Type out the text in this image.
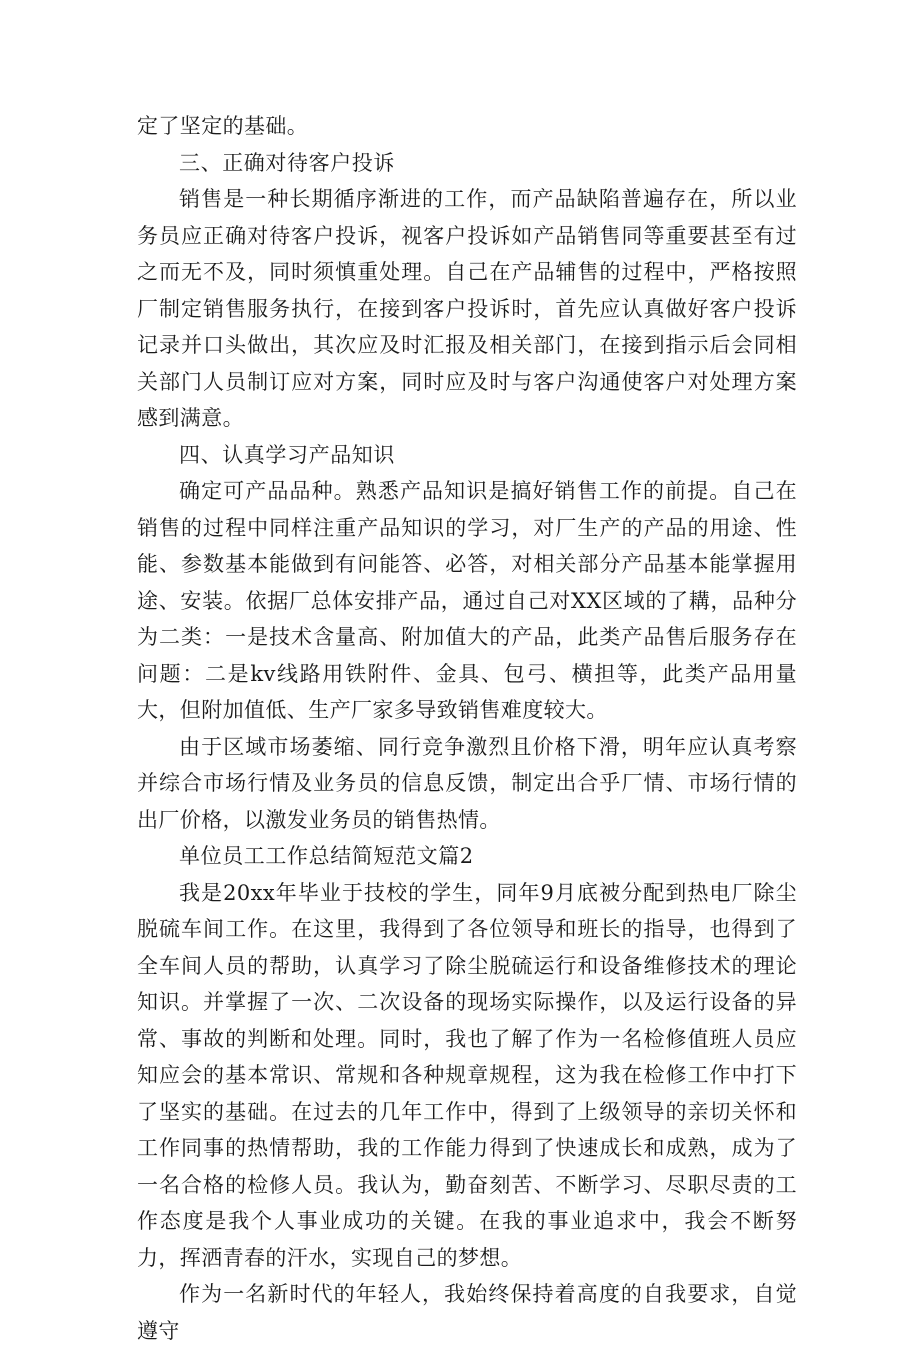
定了坚定的基础。

三、正确对待客户投诉

销售是一种长期循序渐进的工作，而产品缺陷普遍存在，所以业务员应正确对待客户投诉，视客户投诉如产品销售同等重要甚至有过之而无不及，同时须慎重处理。自己在产品辅售的过程中，严格按照厂制定销售服务执行，在接到客户投诉时，首先应认真做好客户投诉记录并口头做出，其次应及时汇报及相关部门，在接到指示后会同相关部门人员制订应对方案，同时应及时与客户沟通使客户对处理方案感到满意。

四、认真学习产品知识

确定可产品品种。熟悉产品知识是搞好销售工作的前提。自己在销售的过程中同样注重产品知识的学习，对厂生产的产品的用途、性能、参数基本能做到有问能答、必答，对相关部分产品基本能掌握用途、安装。依据厂总体安排产品，通过自己对XX区域的了耩，品种分为二类：一是技术含量高、附加值大的产品，此类产品售后服务存在问题：二是kv线路用铁附件、金具、包弓、横担等，此类产品用量大，但附加值低、生产厂家多导致销售难度较大。

由于区域市场萎缩、同行竞争激烈且价格下滑，明年应认真考察并综合市场行情及业务员的信息反馈，制定出合乎厂情、市场行情的出厂价格，以激发业务员的销售热情。

单位员工工作总结简短范文篇2

我是20xx年毕业于技校的学生，同年9月底被分配到热电厂除尘脱硫车间工作。在这里，我得到了各位领导和班长的指导，也得到了全车间人员的帮助，认真学习了除尘脱硫运行和设备维修技术的理论知识。并掌握了一次、二次设备的现场实际操作，以及运行设备的异常、事故的判断和处理。同时，我也了解了作为一名检修值班人员应知应会的基本常识、常规和各种规章规程，这为我在检修工作中打下了坚实的基础。在过去的几年工作中，得到了上级领导的亲切关怀和工作同事的热情帮助，我的工作能力得到了快速成长和成熟，成为了一名合格的检修人员。我认为，勤奋刻苦、不断学习、尽职尽责的工作态度是我个人事业成功的关键。在我的事业追求中，我会不断努力，挥洒青春的汗水，实现自己的梦想。

作为一名新时代的年轻人，我始终保持着高度的自我要求，自觉遵守
